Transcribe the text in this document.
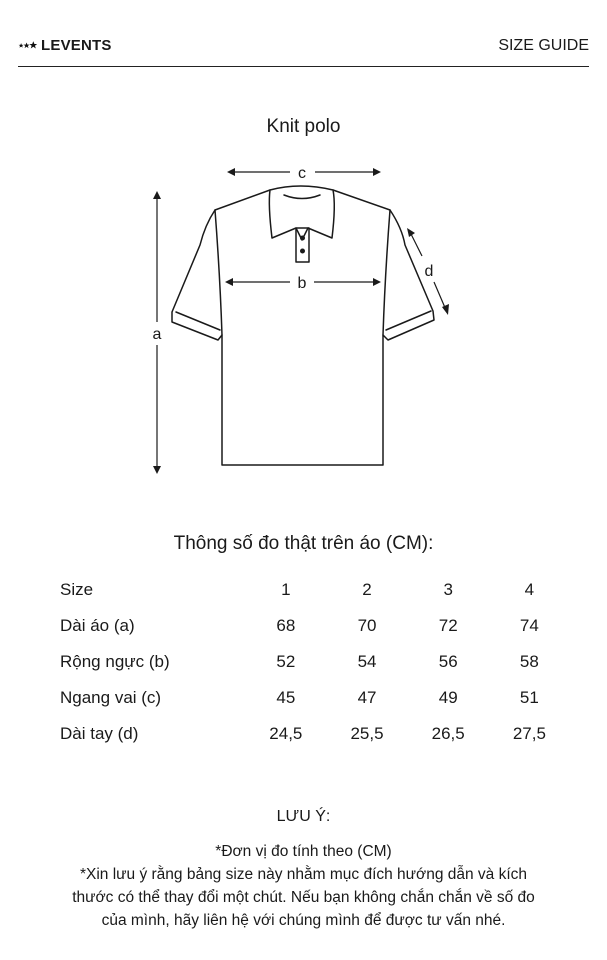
LEVENTS	SIZE GUIDE
Knit polo
c
b
a
d
Thông số đo thật trên áo (CM):
Size	1	2	3	4
Dài áo (a)	68	70	72	74
Rộng ngực (b)	52	54	56	58
Ngang vai (c)	45	47	49	51
Dài tay (d)	24,5	25,5	26,5	27,5
LƯU Ý:
*Đơn vị đo tính theo (CM)
*Xin lưu ý rằng bảng size này nhằm mục đích hướng dẫn và kích
thước có thể thay đổi một chút. Nếu bạn không chắn chắn về số đo
của mình, hãy liên hệ với chúng mình để được tư vấn nhé.
